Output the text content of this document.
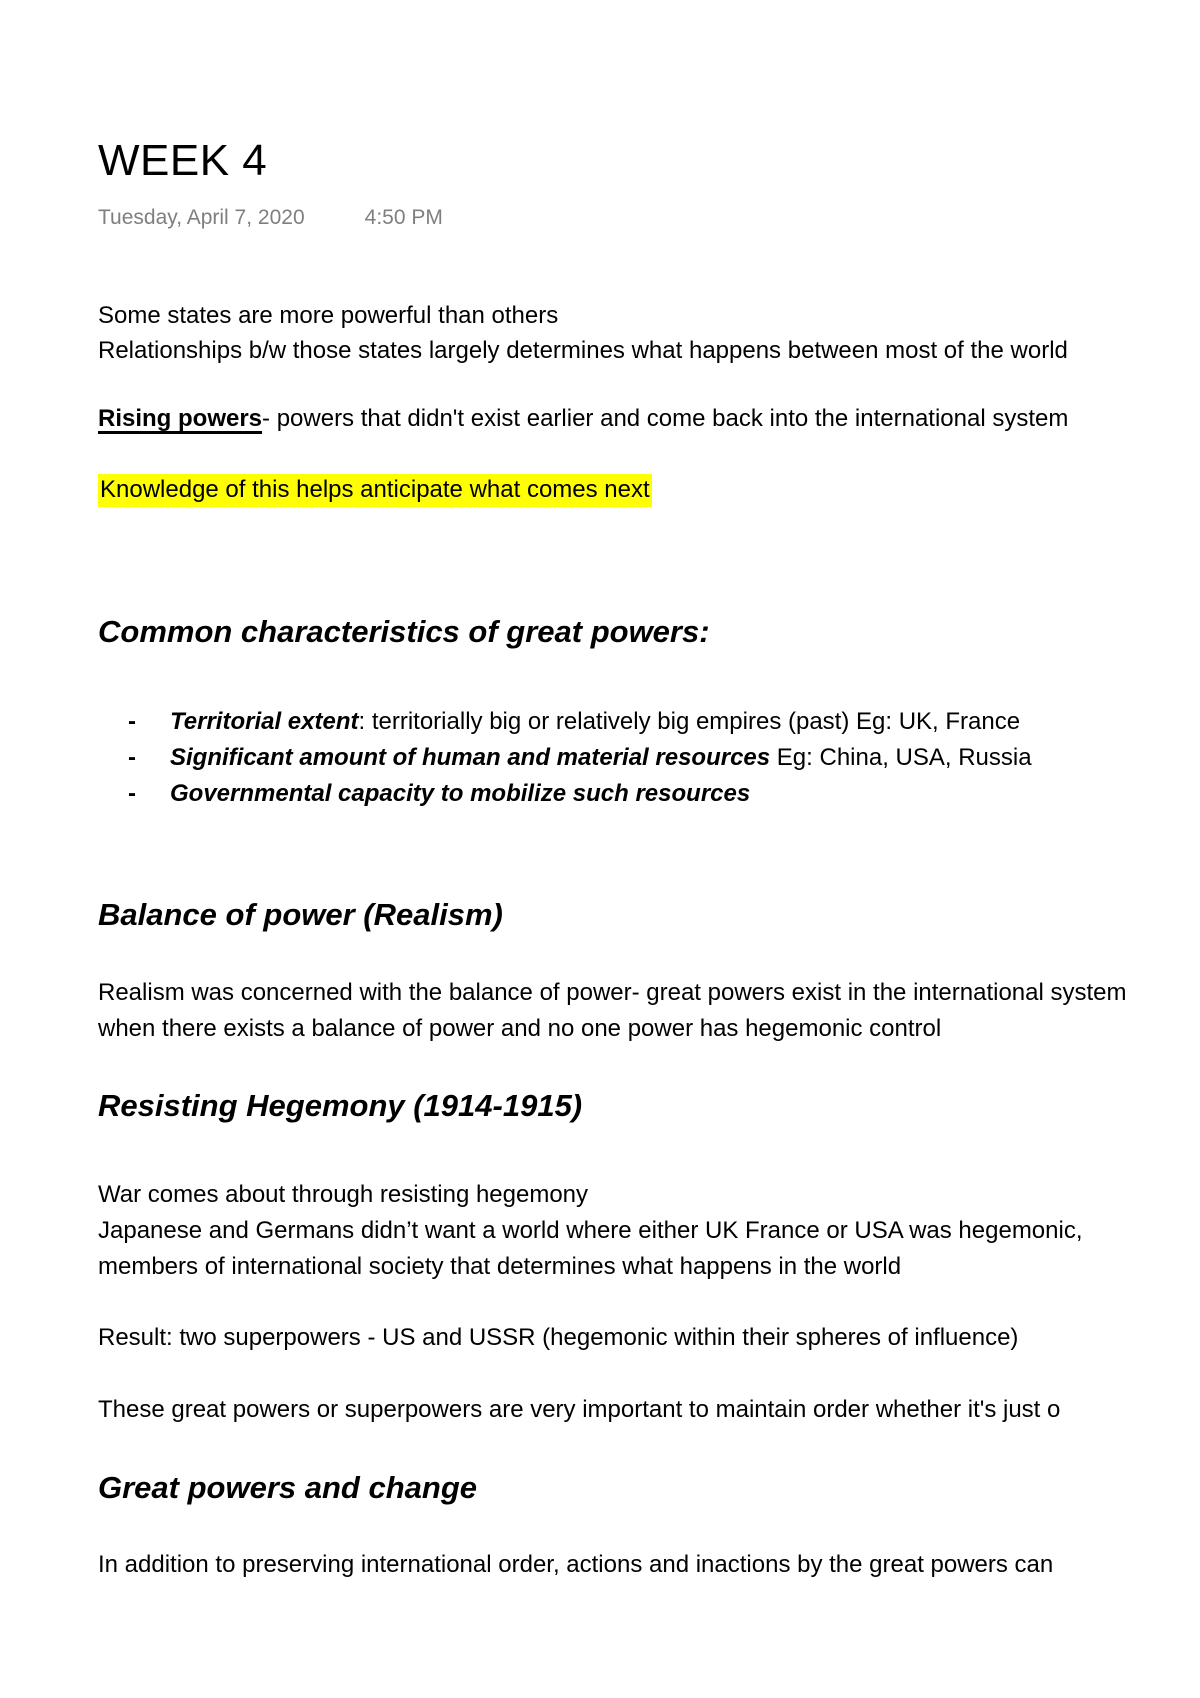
WEEK 4
Tuesday, April 7, 2020	4:50 PM
Some states are more powerful than others
Relationships b/w those states largely determines what happens between most of the world
Rising powers- powers that didn't exist earlier and come back into the international system
Knowledge of this helps anticipate what comes next
Common characteristics of great powers:
- Territorial extent: territorially big or relatively big empires (past) Eg: UK, France
- Significant amount of human and material resources Eg: China, USA, Russia
- Governmental capacity to mobilize such resources
Balance of power (Realism)
Realism was concerned with the balance of power- great powers exist in the international system
when there exists a balance of power and no one power has hegemonic control
Resisting Hegemony (1914-1915)
War comes about through resisting hegemony
Japanese and Germans didn’t want a world where either UK France or USA was hegemonic,
members of international society that determines what happens in the world
Result: two superpowers - US and USSR (hegemonic within their spheres of influence)
These great powers or superpowers are very important to maintain order whether it's just o
Great powers and change
In addition to preserving international order, actions and inactions by the great powers can
